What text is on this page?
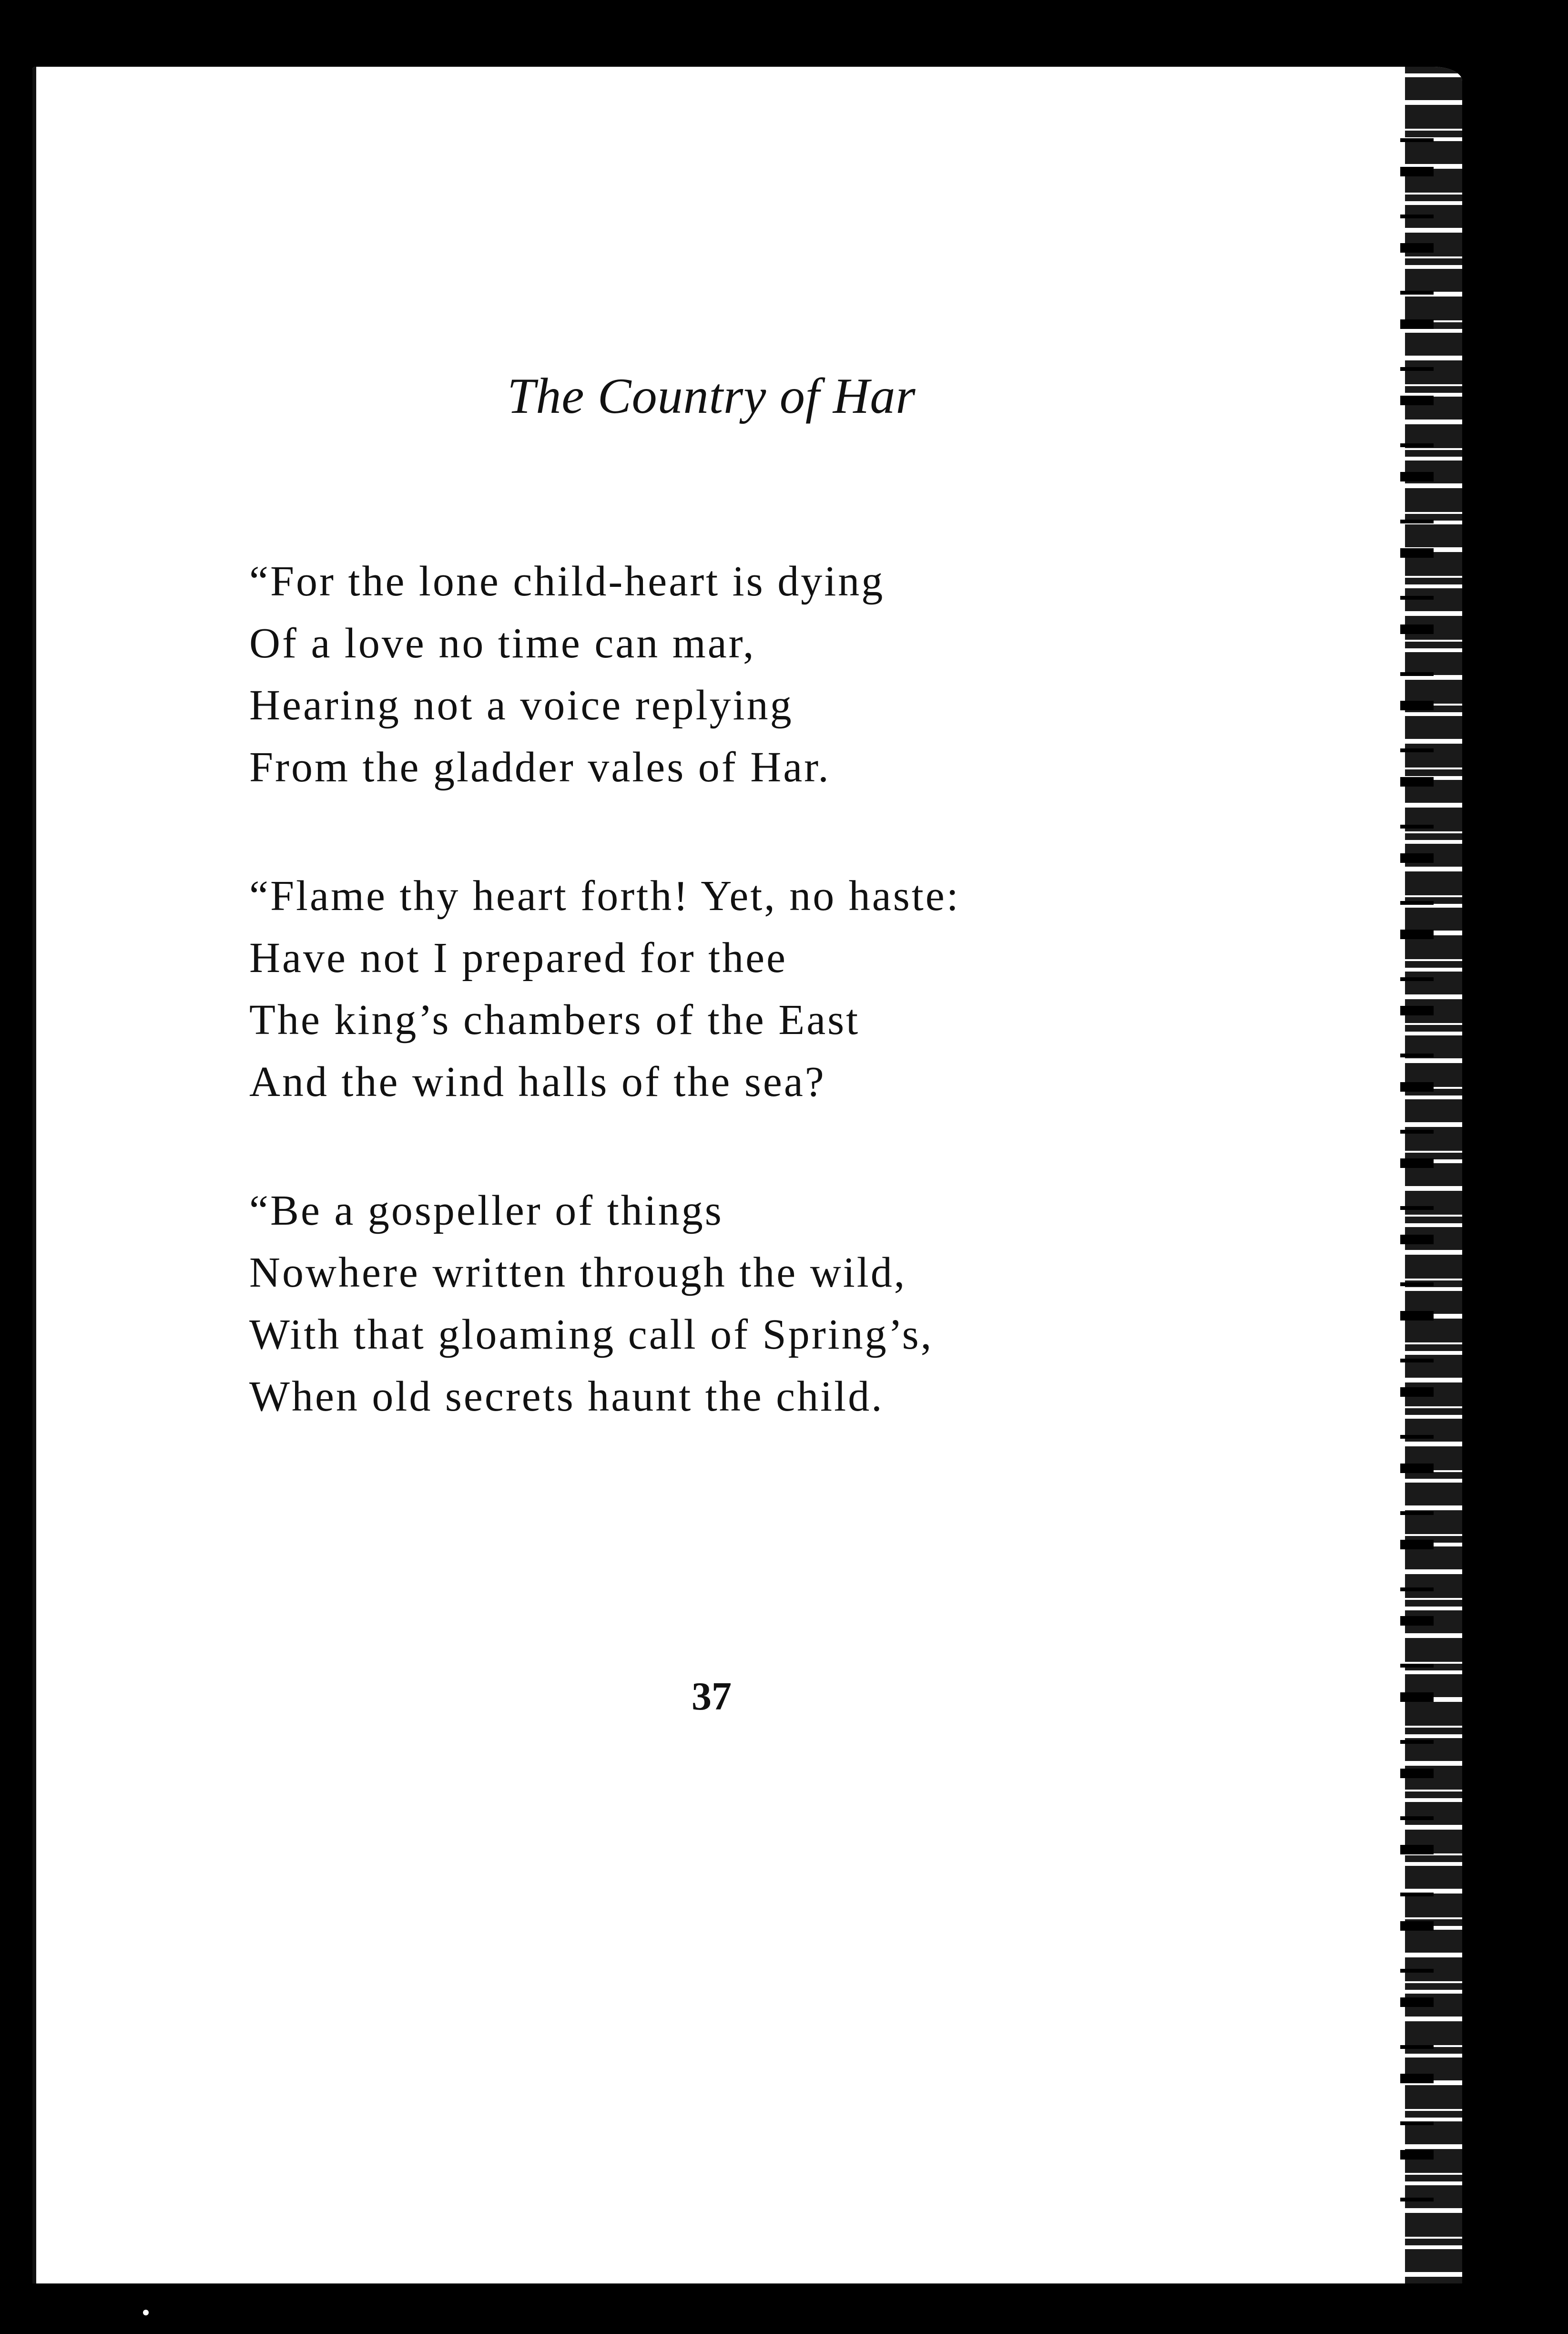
The Country of Har
“For the lone child-heart is dying
Of a love no time can mar,
Hearing not a voice replying
From the gladder vales of Har.
“Flame thy heart forth! Yet, no haste:
Have not I prepared for thee
The king’s chambers of the East
And the wind halls of the sea?
“Be a gospeller of things
Nowhere written through the wild,
With that gloaming call of Spring’s,
When old secrets haunt the child.
37
